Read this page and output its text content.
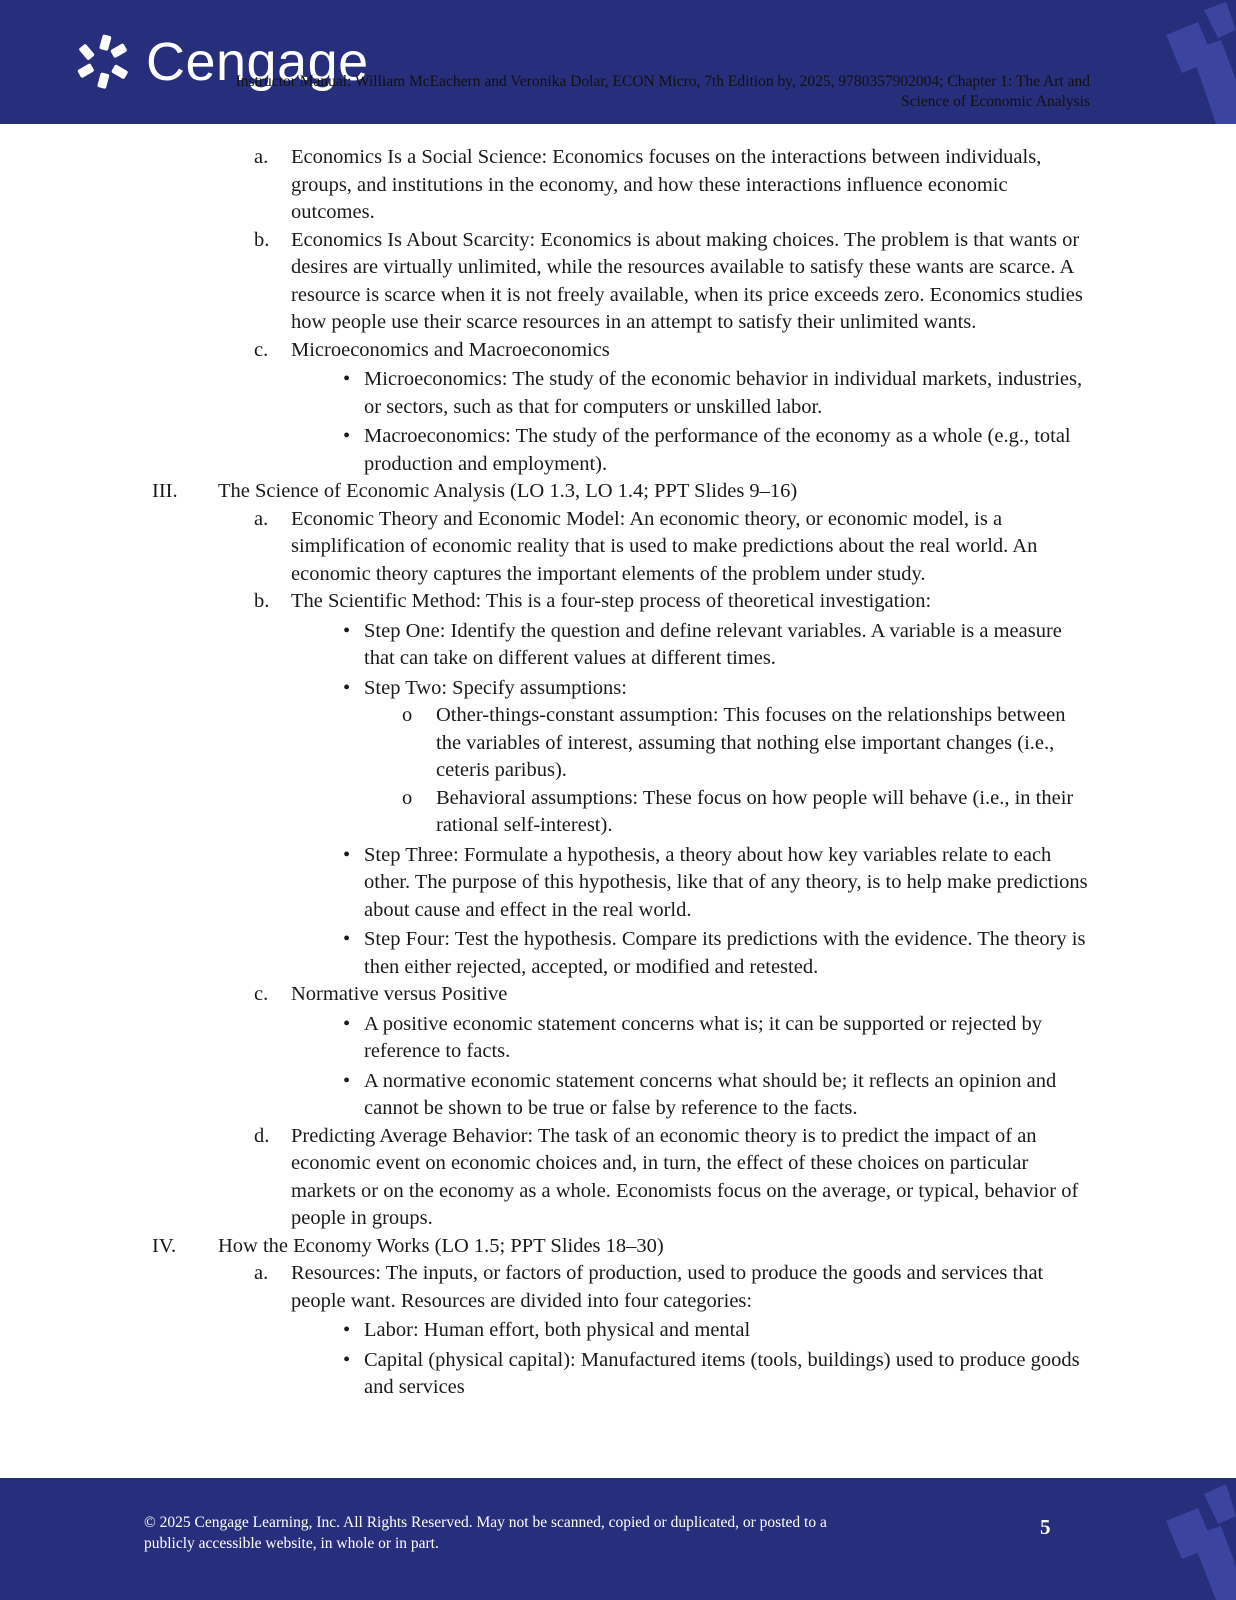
Cengage
Instructor Manual: William McEachern and Veronika Dolar, ECON Micro, 7th Edition by, 2025, 9780357902004; Chapter 1: The Art and
Science of Economic Analysis
a. Economics Is a Social Science: Economics focuses on the interactions between individuals, groups, and institutions in the economy, and how these interactions influence economic outcomes.
b. Economics Is About Scarcity: Economics is about making choices. The problem is that wants or desires are virtually unlimited, while the resources available to satisfy these wants are scarce. A resource is scarce when it is not freely available, when its price exceeds zero. Economics studies how people use their scarce resources in an attempt to satisfy their unlimited wants.
c. Microeconomics and Macroeconomics
• Microeconomics: The study of the economic behavior in individual markets, industries, or sectors, such as that for computers or unskilled labor.
• Macroeconomics: The study of the performance of the economy as a whole (e.g., total production and employment).
III. The Science of Economic Analysis (LO 1.3, LO 1.4; PPT Slides 9–16)
a. Economic Theory and Economic Model: An economic theory, or economic model, is a simplification of economic reality that is used to make predictions about the real world. An economic theory captures the important elements of the problem under study.
b. The Scientific Method: This is a four-step process of theoretical investigation:
• Step One: Identify the question and define relevant variables. A variable is a measure that can take on different values at different times.
• Step Two: Specify assumptions:
o Other-things-constant assumption: This focuses on the relationships between the variables of interest, assuming that nothing else important changes (i.e., ceteris paribus).
o Behavioral assumptions: These focus on how people will behave (i.e., in their rational self-interest).
• Step Three: Formulate a hypothesis, a theory about how key variables relate to each other. The purpose of this hypothesis, like that of any theory, is to help make predictions about cause and effect in the real world.
• Step Four: Test the hypothesis. Compare its predictions with the evidence. The theory is then either rejected, accepted, or modified and retested.
c. Normative versus Positive
• A positive economic statement concerns what is; it can be supported or rejected by reference to facts.
• A normative economic statement concerns what should be; it reflects an opinion and cannot be shown to be true or false by reference to the facts.
d. Predicting Average Behavior: The task of an economic theory is to predict the impact of an economic event on economic choices and, in turn, the effect of these choices on particular markets or on the economy as a whole. Economists focus on the average, or typical, behavior of people in groups.
IV. How the Economy Works (LO 1.5; PPT Slides 18–30)
a. Resources: The inputs, or factors of production, used to produce the goods and services that people want. Resources are divided into four categories:
• Labor: Human effort, both physical and mental
• Capital (physical capital): Manufactured items (tools, buildings) used to produce goods and services
© 2025 Cengage Learning, Inc. All Rights Reserved. May not be scanned, copied or duplicated, or posted to a
publicly accessible website, in whole or in part.
5
